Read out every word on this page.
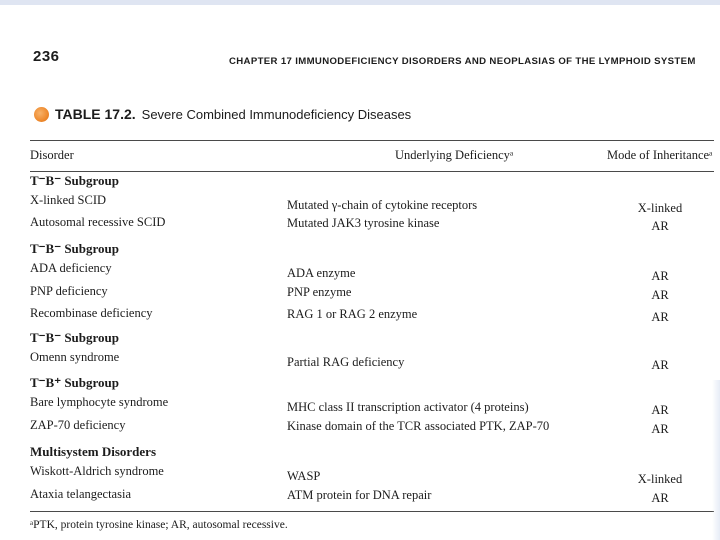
236	CHAPTER 17 IMMUNODEFICIENCY DISORDERS AND NEOPLASIAS OF THE LYMPHOID SYSTEM
TABLE 17.2. Severe Combined Immunodeficiency Diseases
Disorder	Underlying Deficiencyᵃ	Mode of Inheritanceᵃ
T⁻B⁻ Subgroup
X-linked SCID	Mutated γ-chain of cytokine receptors	X-linked
Autosomal recessive SCID	Mutated JAK3 tyrosine kinase	AR
T⁻B⁻ Subgroup
ADA deficiency	ADA enzyme	AR
PNP deficiency	PNP enzyme	AR
Recombinase deficiency	RAG 1 or RAG 2 enzyme	AR
T⁻B⁻ Subgroup
Omenn syndrome	Partial RAG deficiency	AR
T⁻B⁺ Subgroup
Bare lymphocyte syndrome	MHC class II transcription activator (4 proteins)	AR
ZAP-70 deficiency	Kinase domain of the TCR associated PTK, ZAP-70	AR
Multisystem Disorders
Wiskott-Aldrich syndrome	WASP	X-linked
Ataxia telangectasia	ATM protein for DNA repair	AR
ᵃPTK, protein tyrosine kinase; AR, autosomal recessive.
